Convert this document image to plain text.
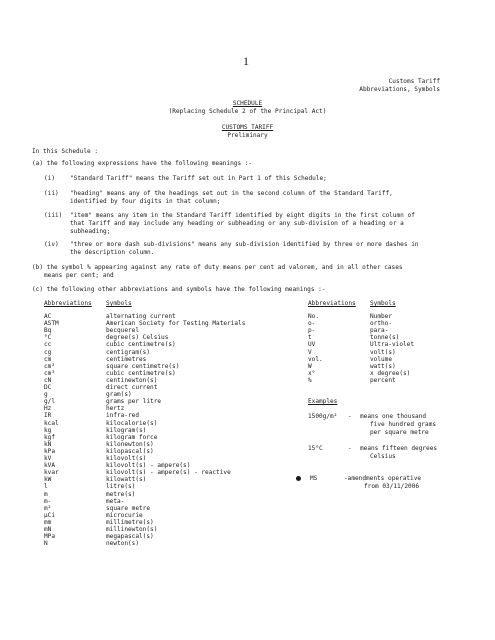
1
Customs Tariff
Abbreviations, Symbols
SCHEDULE
(Replacing Schedule 2 of the Principal Act)
CUSTOMS TARIFF
Preliminary
In this Schedule :
(a) the following expressions have the following meanings :-
(i) "Standard Tariff" means the Tariff set out in Part 1 of this Schedule;
(ii) "heading" means any of the headings set out in the second column of the Standard Tariff,
identified by four digits in that column;
(iii) "item" means any item in the Standard Tariff identified by eight digits in the first column of
that Tariff and may include any heading or subheading or any sub-division of a heading or a
subheading;
(iv) "three or more dash sub-divisions" means any sub-division identified by three or more dashes in
the description column.
(b) the symbol % appearing against any rate of duty means per cent ad valorem, and in all other cases
means per cent; and
(c) the following other abbreviations and symbols have the following meanings :-
Abbreviations Symbols	Abbreviations Symbols
AC	alternating current
ASTM	American Society for Testing Materials
Bq	becquerel
°C	degree(s) Celsius
cc	cubic centimetre(s)
cg	centigram(s)
cm	centimetres
cm²	square centimetre(s)
cm³	cubic centimetre(s)
cN	centinewton(s)
DC	direct current
g	gram(s)
g/l	grams per litre
Hz	hertz
IR	infra-red
kcal	kilocalorie(s)
kg	kilogram(s)
kgf	kilogram force
kN	kilonewton(s)
kPa	kilopascal(s)
kV	kilovolt(s)
kVA	kilovolt(s) - ampere(s)
kvar	kilovolt(s) - ampere(s) - reactive
kW	kilowatt(s)
l	litre(s)
m	metre(s)
m-	meta-
m²	square metre
µCi	microcurie
mm	millimetre(s)
mN	millinewton(s)
MPa	megapascal(s)
N	newton(s)
No.	Number
o-	ortho-
p-	para-
t	tonne(s)
UV	Ultra-violet
V	volt(s)
vol.	volume
W	watt(s)
x°	x degree(s)
%	percent
Examples
1500g/m² - means one thousand
five hundred grams
per square metre
15°C	- means fifteen degrees
Celsius
MS	-amendments operative
from 03/11/2006
